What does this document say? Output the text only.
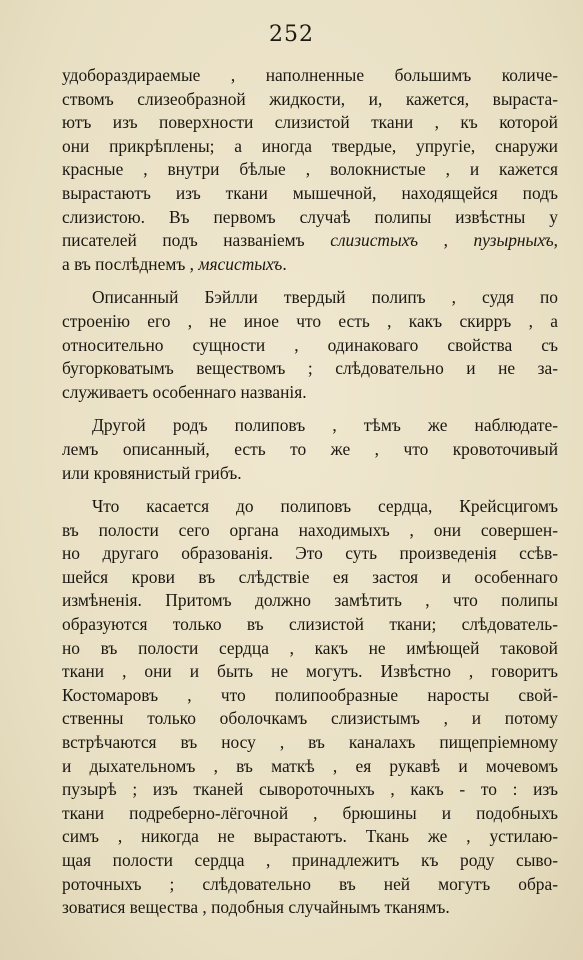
252
удобораздираемые , наполненные большимъ количе-
ствомъ слизеобразной жидкости, и, кажется, выраста-
ютъ изъ поверхности слизистой ткани , къ которой
они прикрѣплены; а иногда твердые, упругіе, снаружи
красные , внутри бѣлые , волокнистые , и кажется
вырастаютъ изъ ткани мышечной, находящейся подъ
слизистою. Въ первомъ случаѣ полипы извѣстны у
писателей подъ названіемъ слизистыхъ , пузырныхъ,
а въ послѣднемъ , мясистыхъ.
Описанный Бэйлли твердый полипъ , судя по
строенію его , не иное что есть , какъ скирръ , а
относительно сущности , одинаковаго свойства съ
бугорковатымъ веществомъ ; слѣдовательно и не за-
служиваетъ особеннаго названія.
Другой родъ полиповъ , тѣмъ же наблюдате-
лемъ описанный, есть то же , что кровоточивый
или кровянистый грибъ.
Что касается до полиповъ сердца, Крейсцигомъ
въ полости сего органа находимыхъ , они совершен-
но другаго образованія. Это суть произведенія ссѣв-
шейся крови въ слѣдствіе ея застоя и особеннаго
измѣненія. Притомъ должно замѣтить , что полипы
образуются только въ слизистой ткани; слѣдователь-
но въ полости сердца , какъ не имѣющей таковой
ткани , они и быть не могутъ. Извѣстно , говоритъ
Костомаровъ , что полипообразные наросты свой-
ственны только оболочкамъ слизистымъ , и потому
встрѣчаются въ носу , въ каналахъ пищепріемному
и дыхательномъ , въ маткѣ , ея рукавѣ и мочевомъ
пузырѣ ; изъ тканей сывороточныхъ , какъ - то : изъ
ткани подреберно-лёгочной , брюшины и подобныхъ
симъ , никогда не вырастаютъ. Ткань же , устилаю-
щая полости сердца , принадлежитъ къ роду сыво-
роточныхъ ; слѣдовательно въ ней могутъ обра-
зоватися вещества , подобныя случайнымъ тканямъ.
